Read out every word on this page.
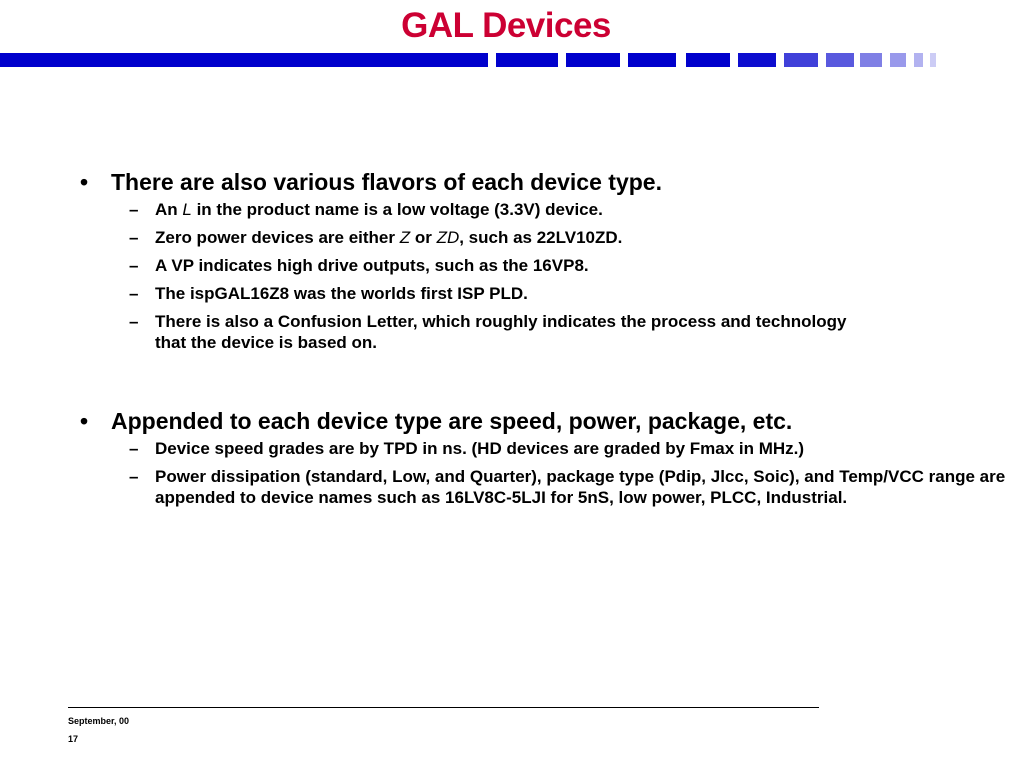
GAL Devices
• There are also various flavors of each device type.
– An L in the product name is a low voltage (3.3V) device.
– Zero power devices are either Z or ZD, such as 22LV10ZD.
– A VP indicates high drive outputs, such as the 16VP8.
– The ispGAL16Z8 was the worlds first ISP PLD.
– There is also a Confusion Letter, which roughly indicates the process and technology that the device is based on.
• Appended to each device type are speed, power, package, etc.
– Device speed grades are by TPD in ns. (HD devices are graded by Fmax in MHz.)
– Power dissipation (standard, Low, and Quarter), package type (Pdip, Jlcc, Soic), and Temp/VCC range are appended to device names such as 16LV8C-5LJI for 5nS, low power, PLCC, Industrial.
September, 00
17
